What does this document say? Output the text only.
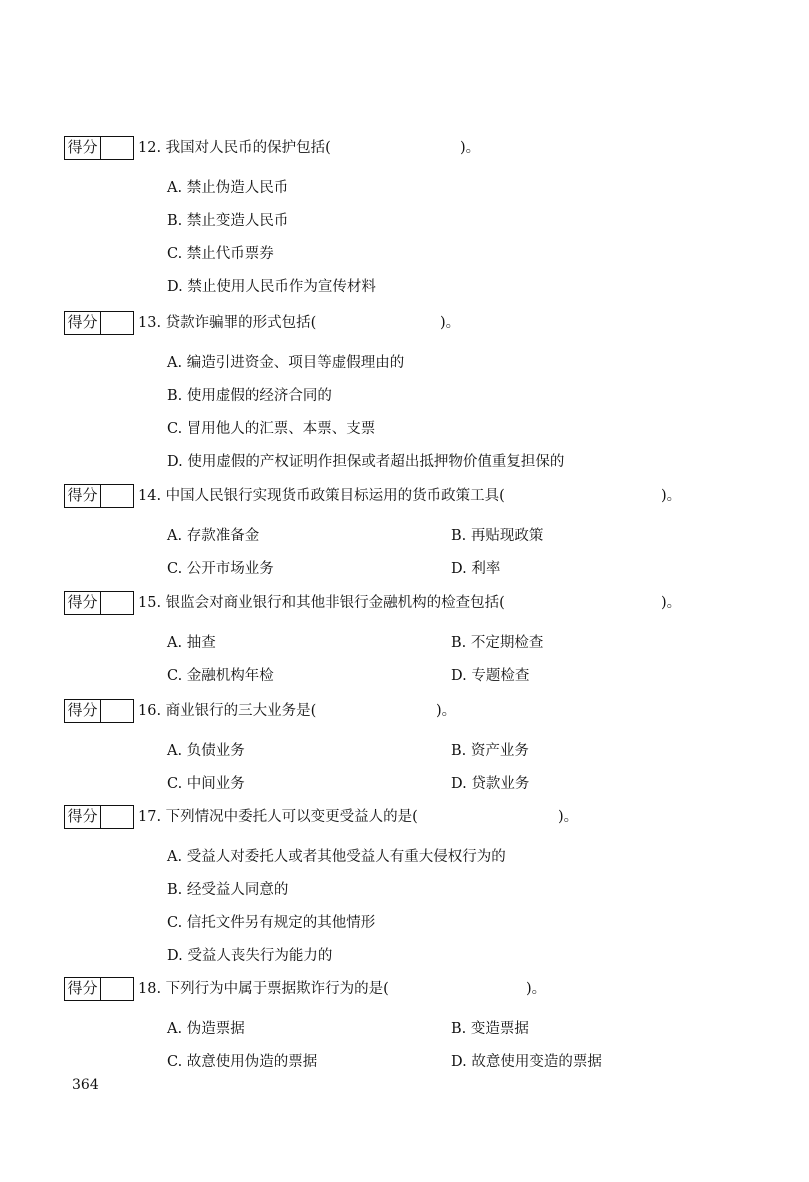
得分	12. 我国对人民币的保护包括(	)。
A. 禁止伪造人民币
B. 禁止变造人民币
C. 禁止代币票券
D. 禁止使用人民币作为宣传材料
得分	13. 贷款诈骗罪的形式包括(	)。
A. 编造引进资金、项目等虚假理由的
B. 使用虚假的经济合同的
C. 冒用他人的汇票、本票、支票
D. 使用虚假的产权证明作担保或者超出抵押物价值重复担保的
得分	14. 中国人民银行实现货币政策目标运用的货币政策工具(	)。
A. 存款准备金	B. 再贴现政策
C. 公开市场业务	D. 利率
得分	15. 银监会对商业银行和其他非银行金融机构的检查包括(	)。
A. 抽查	B. 不定期检查
C. 金融机构年检	D. 专题检查
得分	16. 商业银行的三大业务是(	)。
A. 负债业务	B. 资产业务
C. 中间业务	D. 贷款业务
得分	17. 下列情况中委托人可以变更受益人的是(	)。
A. 受益人对委托人或者其他受益人有重大侵权行为的
B. 经受益人同意的
C. 信托文件另有规定的其他情形
D. 受益人丧失行为能力的
得分	18. 下列行为中属于票据欺诈行为的是(	)。
A. 伪造票据	B. 变造票据
C. 故意使用伪造的票据	D. 故意使用变造的票据
364
